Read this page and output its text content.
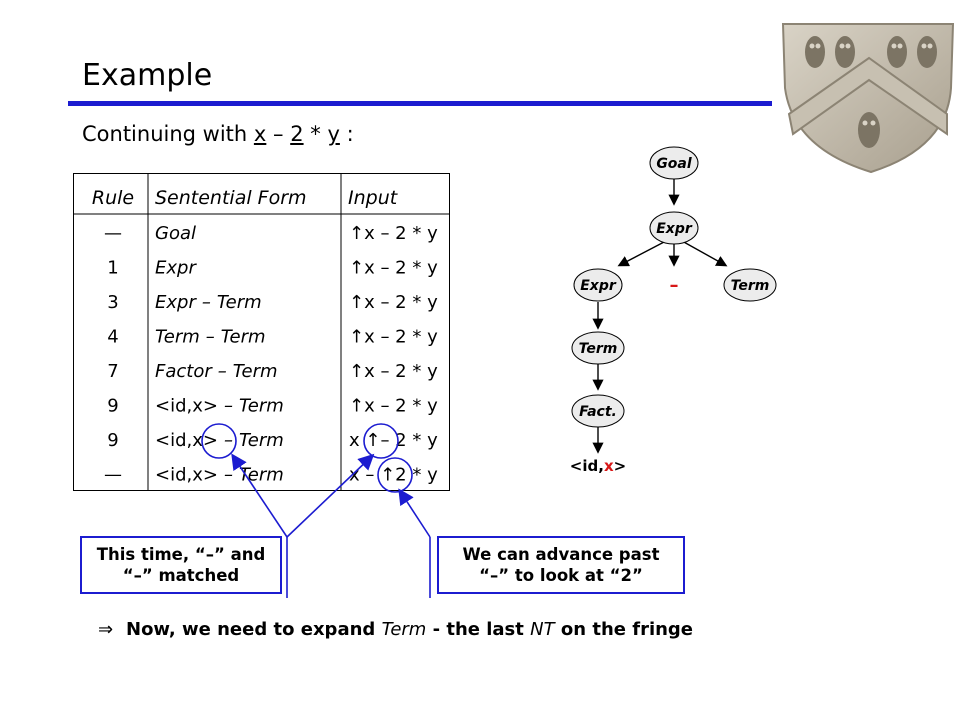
Example
Continuing with x – 2 * y :
Rule Sentential Form Input
— Goal	↑x – 2 * y
1 Expr	↑x – 2 * y
3 Expr – Term	↑x – 2 * y
4 Term – Term	↑x – 2 * y
7 Factor – Term	↑x – 2 * y
9 <id,x> – Term	↑x – 2 * y
9 <id,x> – Term	x ↑– 2 * y
— <id,x> – Term	x – ↑2 * y
Goal
Expr
Expr	–	Term
Term
Fact.
<id,x>
This time, “–” and
“–” matched
We can advance past
“–” to look at “2”
⇒ Now, we need to expand Term - the last NT on the fringe
